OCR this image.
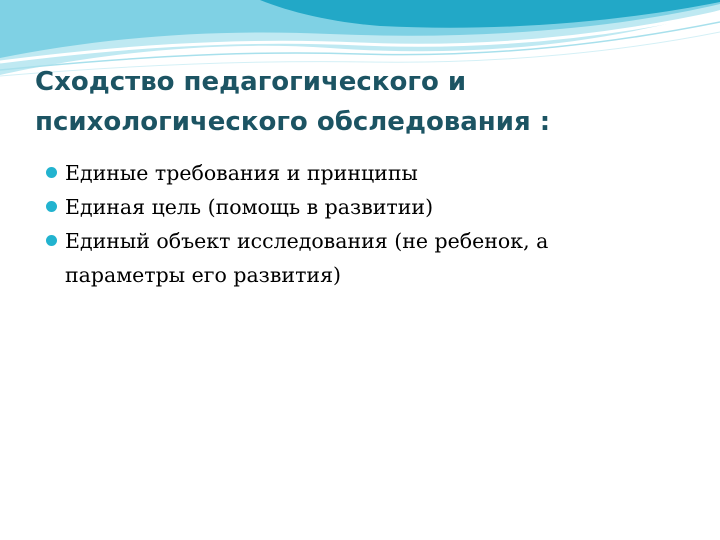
Сходство педагогического и психологического обследования :
Единые требования и принципы
Единая цель (помощь в развитии)
Единый объект исследования (не ребенок, а параметры его развития)
